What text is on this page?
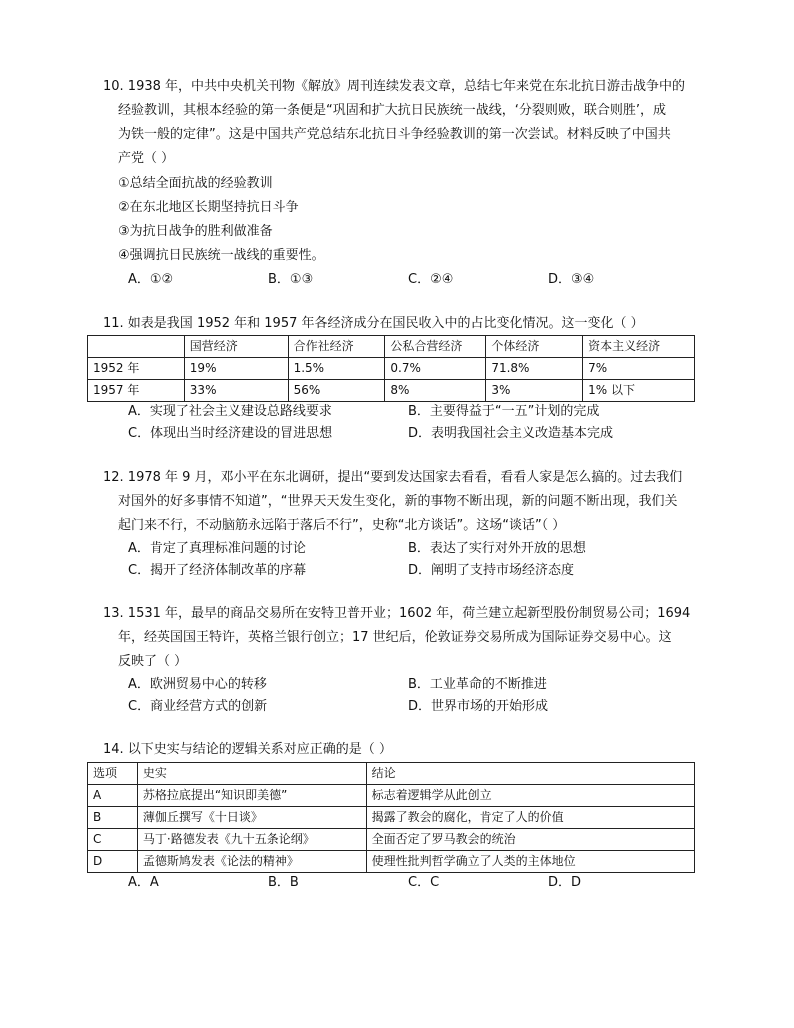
10. 1938 年，中共中央机关刊物《解放》周刊连续发表文章，总结七年来党在东北抗日游击战争中的
经验教训，其根本经验的第一条便是“巩固和扩大抗日民族统一战线，‘分裂则败，联合则胜’，成
为铁一般的定律”。这是中国共产党总结东北抗日斗争经验教训的第一次尝试。材料反映了中国共
产党（ ）
①总结全面抗战的经验教训
②在东北地区长期坚持抗日斗争
③为抗日战争的胜利做准备
④强调抗日民族统一战线的重要性。
A．①②	B．①③	C．②④	D．③④
11. 如表是我国 1952 年和 1957 年各经济成分在国民收入中的占比变化情况。这一变化（ ）
	国营经济	合作社经济	公私合营经济	个体经济	资本主义经济
1952 年	19%	1.5%	0.7%	71.8%	7%
1957 年	33%	56%	8%	3%	1% 以下
A．实现了社会主义建设总路线要求	B．主要得益于“一五”计划的完成
C．体现出当时经济建设的冒进思想	D．表明我国社会主义改造基本完成
12. 1978 年 9 月，邓小平在东北调研，提出“要到发达国家去看看，看看人家是怎么搞的。过去我们
对国外的好多事情不知道”，“世界天天发生变化，新的事物不断出现，新的问题不断出现，我们关
起门来不行，不动脑筋永远陷于落后不行”，史称“北方谈话”。这场“谈话”（ ）
A．肯定了真理标准问题的讨论	B．表达了实行对外开放的思想
C．揭开了经济体制改革的序幕	D．阐明了支持市场经济态度
13. 1531 年，最早的商品交易所在安特卫普开业；1602 年，荷兰建立起新型股份制贸易公司；1694
年，经英国国王特许，英格兰银行创立；17 世纪后，伦敦证券交易所成为国际证券交易中心。这
反映了（ ）
A．欧洲贸易中心的转移	B．工业革命的不断推进
C．商业经营方式的创新	D．世界市场的开始形成
14. 以下史实与结论的逻辑关系对应正确的是（ ）
选项	史实	结论
A	苏格拉底提出“知识即美德”	标志着逻辑学从此创立
B	薄伽丘撰写《十日谈》	揭露了教会的腐化，肯定了人的价值
C	马丁·路德发表《九十五条论纲》	全面否定了罗马教会的统治
D	孟德斯鸠发表《论法的精神》	使理性批判哲学确立了人类的主体地位
A．A	B．B	C．C	D．D
